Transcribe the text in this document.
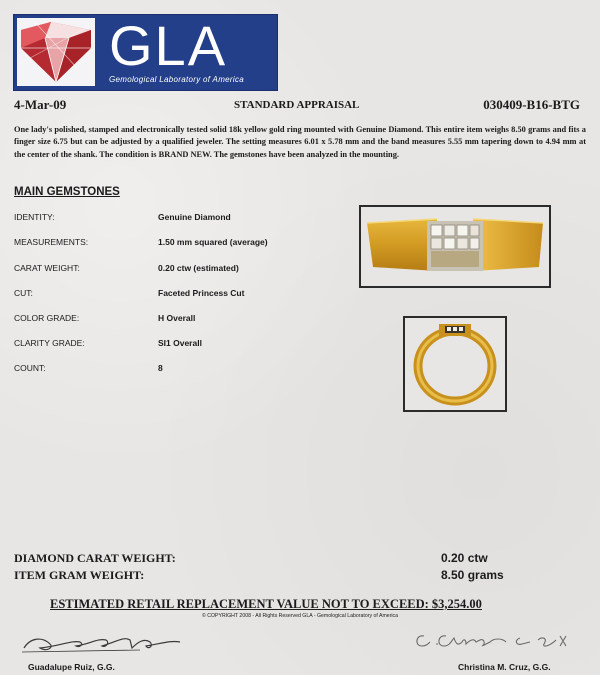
GLA
Gemological Laboratory of America
4-Mar-09	STANDARD APPRAISAL	030409-B16-BTG
One lady's polished, stamped and electronically tested solid 18k yellow gold ring mounted with Genuine Diamond. This entire item weighs 8.50 grams and fits a finger size 6.75 but can be adjusted by a qualified jeweler. The setting measures 6.01 x 5.78 mm and the band measures 5.55 mm tapering down to 4.94 mm at the center of the shank. The condition is BRAND NEW. The gemstones have been analyzed in the mounting.
MAIN GEMSTONES
IDENTITY:	Genuine Diamond
MEASUREMENTS:	1.50 mm squared (average)
CARAT WEIGHT:	0.20 ctw (estimated)
CUT:	Faceted Princess Cut
COLOR GRADE:	H Overall
CLARITY GRADE:	SI1 Overall
COUNT:	8
DIAMOND CARAT WEIGHT:	0.20 ctw
ITEM GRAM WEIGHT:	8.50 grams
ESTIMATED RETAIL REPLACEMENT VALUE NOT TO EXCEED: $3,254.00
© COPYRIGHT 2008 - All Rights Reserved GLA - Gemological Laboratory of America
Guadalupe Ruiz, G.G.	Christina M. Cruz, G.G.
